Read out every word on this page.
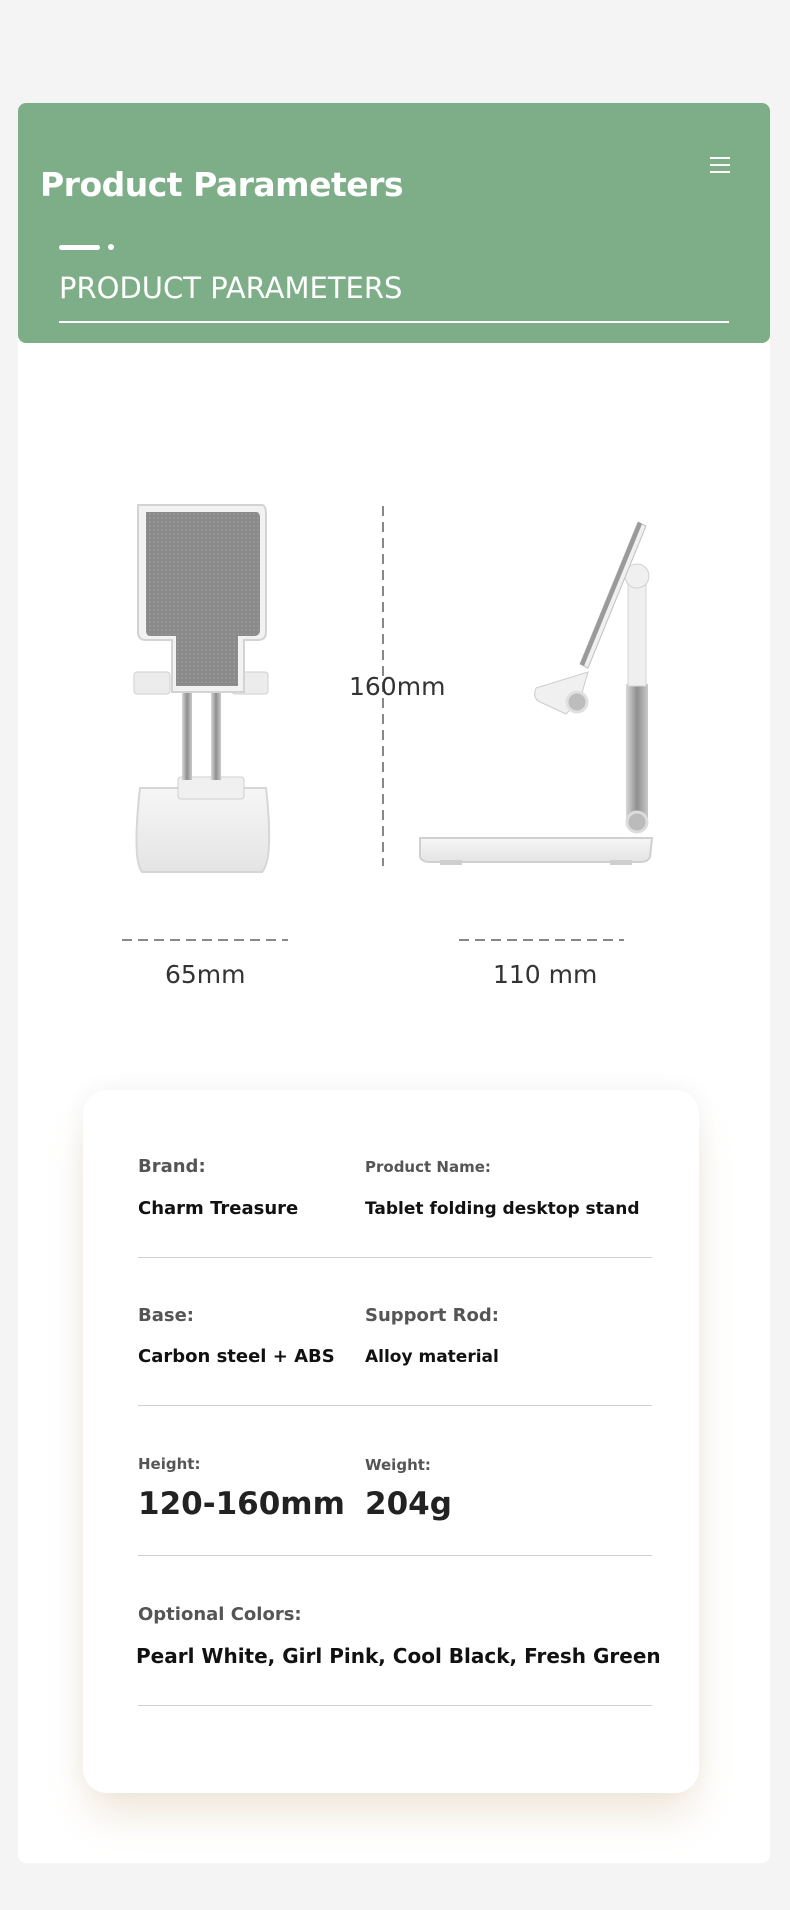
Product Parameters
PRODUCT PARAMETERS
160mm
65mm	110 mm
Brand:
Charm Treasure
Product Name:
Tablet folding desktop stand
Base:
Carbon steel + ABS
Support Rod:
Alloy material
Height:
120-160mm
Weight:
204g
Optional Colors:
Pearl White, Girl Pink, Cool Black, Fresh Green
